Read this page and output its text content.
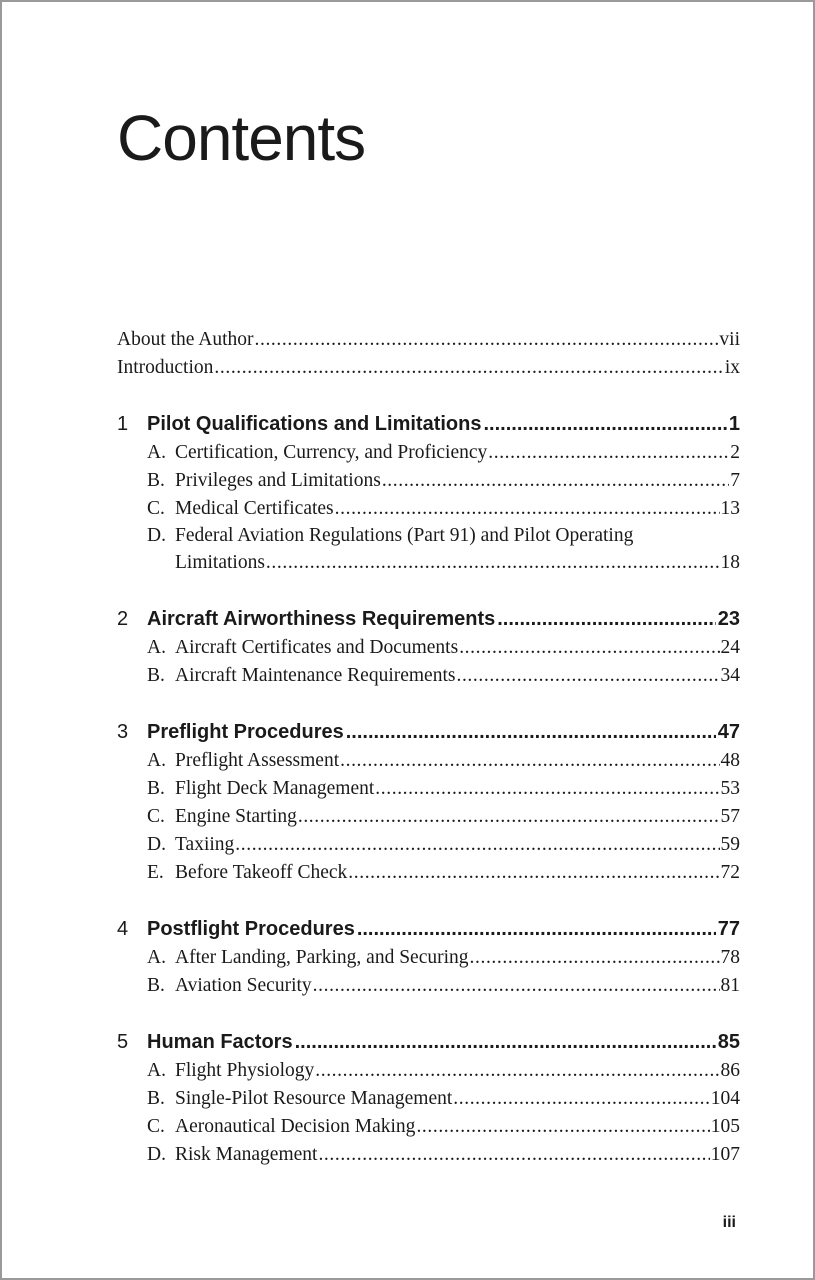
Contents
About the Author .....	vii
Introduction .....	ix
1 Pilot Qualifications and Limitations .....	1
A. Certification, Currency, and Proficiency .....	2
B. Privileges and Limitations .....	7
C. Medical Certificates .....	13
D. Federal Aviation Regulations (Part 91) and Pilot Operating
Limitations .....	18
2 Aircraft Airworthiness Requirements .....	23
A. Aircraft Certificates and Documents .....	24
B. Aircraft Maintenance Requirements .....	34
3 Preflight Procedures .....	47
A. Preflight Assessment .....	48
B. Flight Deck Management .....	53
C. Engine Starting .....	57
D. Taxiing .....	59
E. Before Takeoff Check .....	72
4 Postflight Procedures .....	77
A. After Landing, Parking, and Securing .....	78
B. Aviation Security .....	81
5 Human Factors .....	85
A. Flight Physiology .....	86
B. Single-Pilot Resource Management .....	104
C. Aeronautical Decision Making .....	105
D. Risk Management .....	107
iii
